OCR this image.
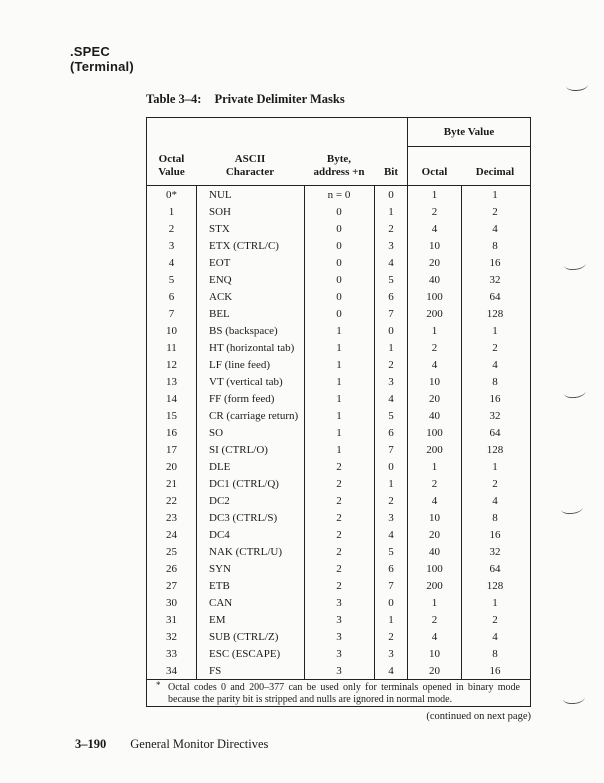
.SPEC
(Terminal)
Table 3–4: Private Delimiter Masks
Byte Value
Octal
Value
ASCII
Character
Byte,
address +n	Bit	Octal	Decimal
0*	NUL	n = 0	0	1	1
1	SOH	0	1	2	2
2	STX	0	2	4	4
3	ETX (CTRL/C)	0	3	10	8
4	EOT	0	4	20	16
5	ENQ	0	5	40	32
6	ACK	0	6	100	64
7	BEL	0	7	200	128
10	BS (backspace)	1	0	1	1
11	HT (horizontal tab)	1	1	2	2
12	LF (line feed)	1	2	4	4
13	VT (vertical tab)	1	3	10	8
14	FF (form feed)	1	4	20	16
15	CR (carriage return)	1	5	40	32
16	SO	1	6	100	64
17	SI (CTRL/O)	1	7	200	128
20	DLE	2	0	1	1
21	DC1 (CTRL/Q)	2	1	2	2
22	DC2	2	2	4	4
23	DC3 (CTRL/S)	2	3	10	8
24	DC4	2	4	20	16
25	NAK (CTRL/U)	2	5	40	32
26	SYN	2	6	100	64
27	ETB	2	7	200	128
30	CAN	3	0	1	1
31	EM	3	1	2	2
32	SUB (CTRL/Z)	3	2	4	4
33	ESC (ESCAPE)	3	3	10	8
34	FS	3	4	20	16
* Octal codes 0 and 200–377 can be used only for terminals opened in binary mode because the parity bit is stripped and nulls are ignored in normal mode.
(continued on next page)
3–190 General Monitor Directives
